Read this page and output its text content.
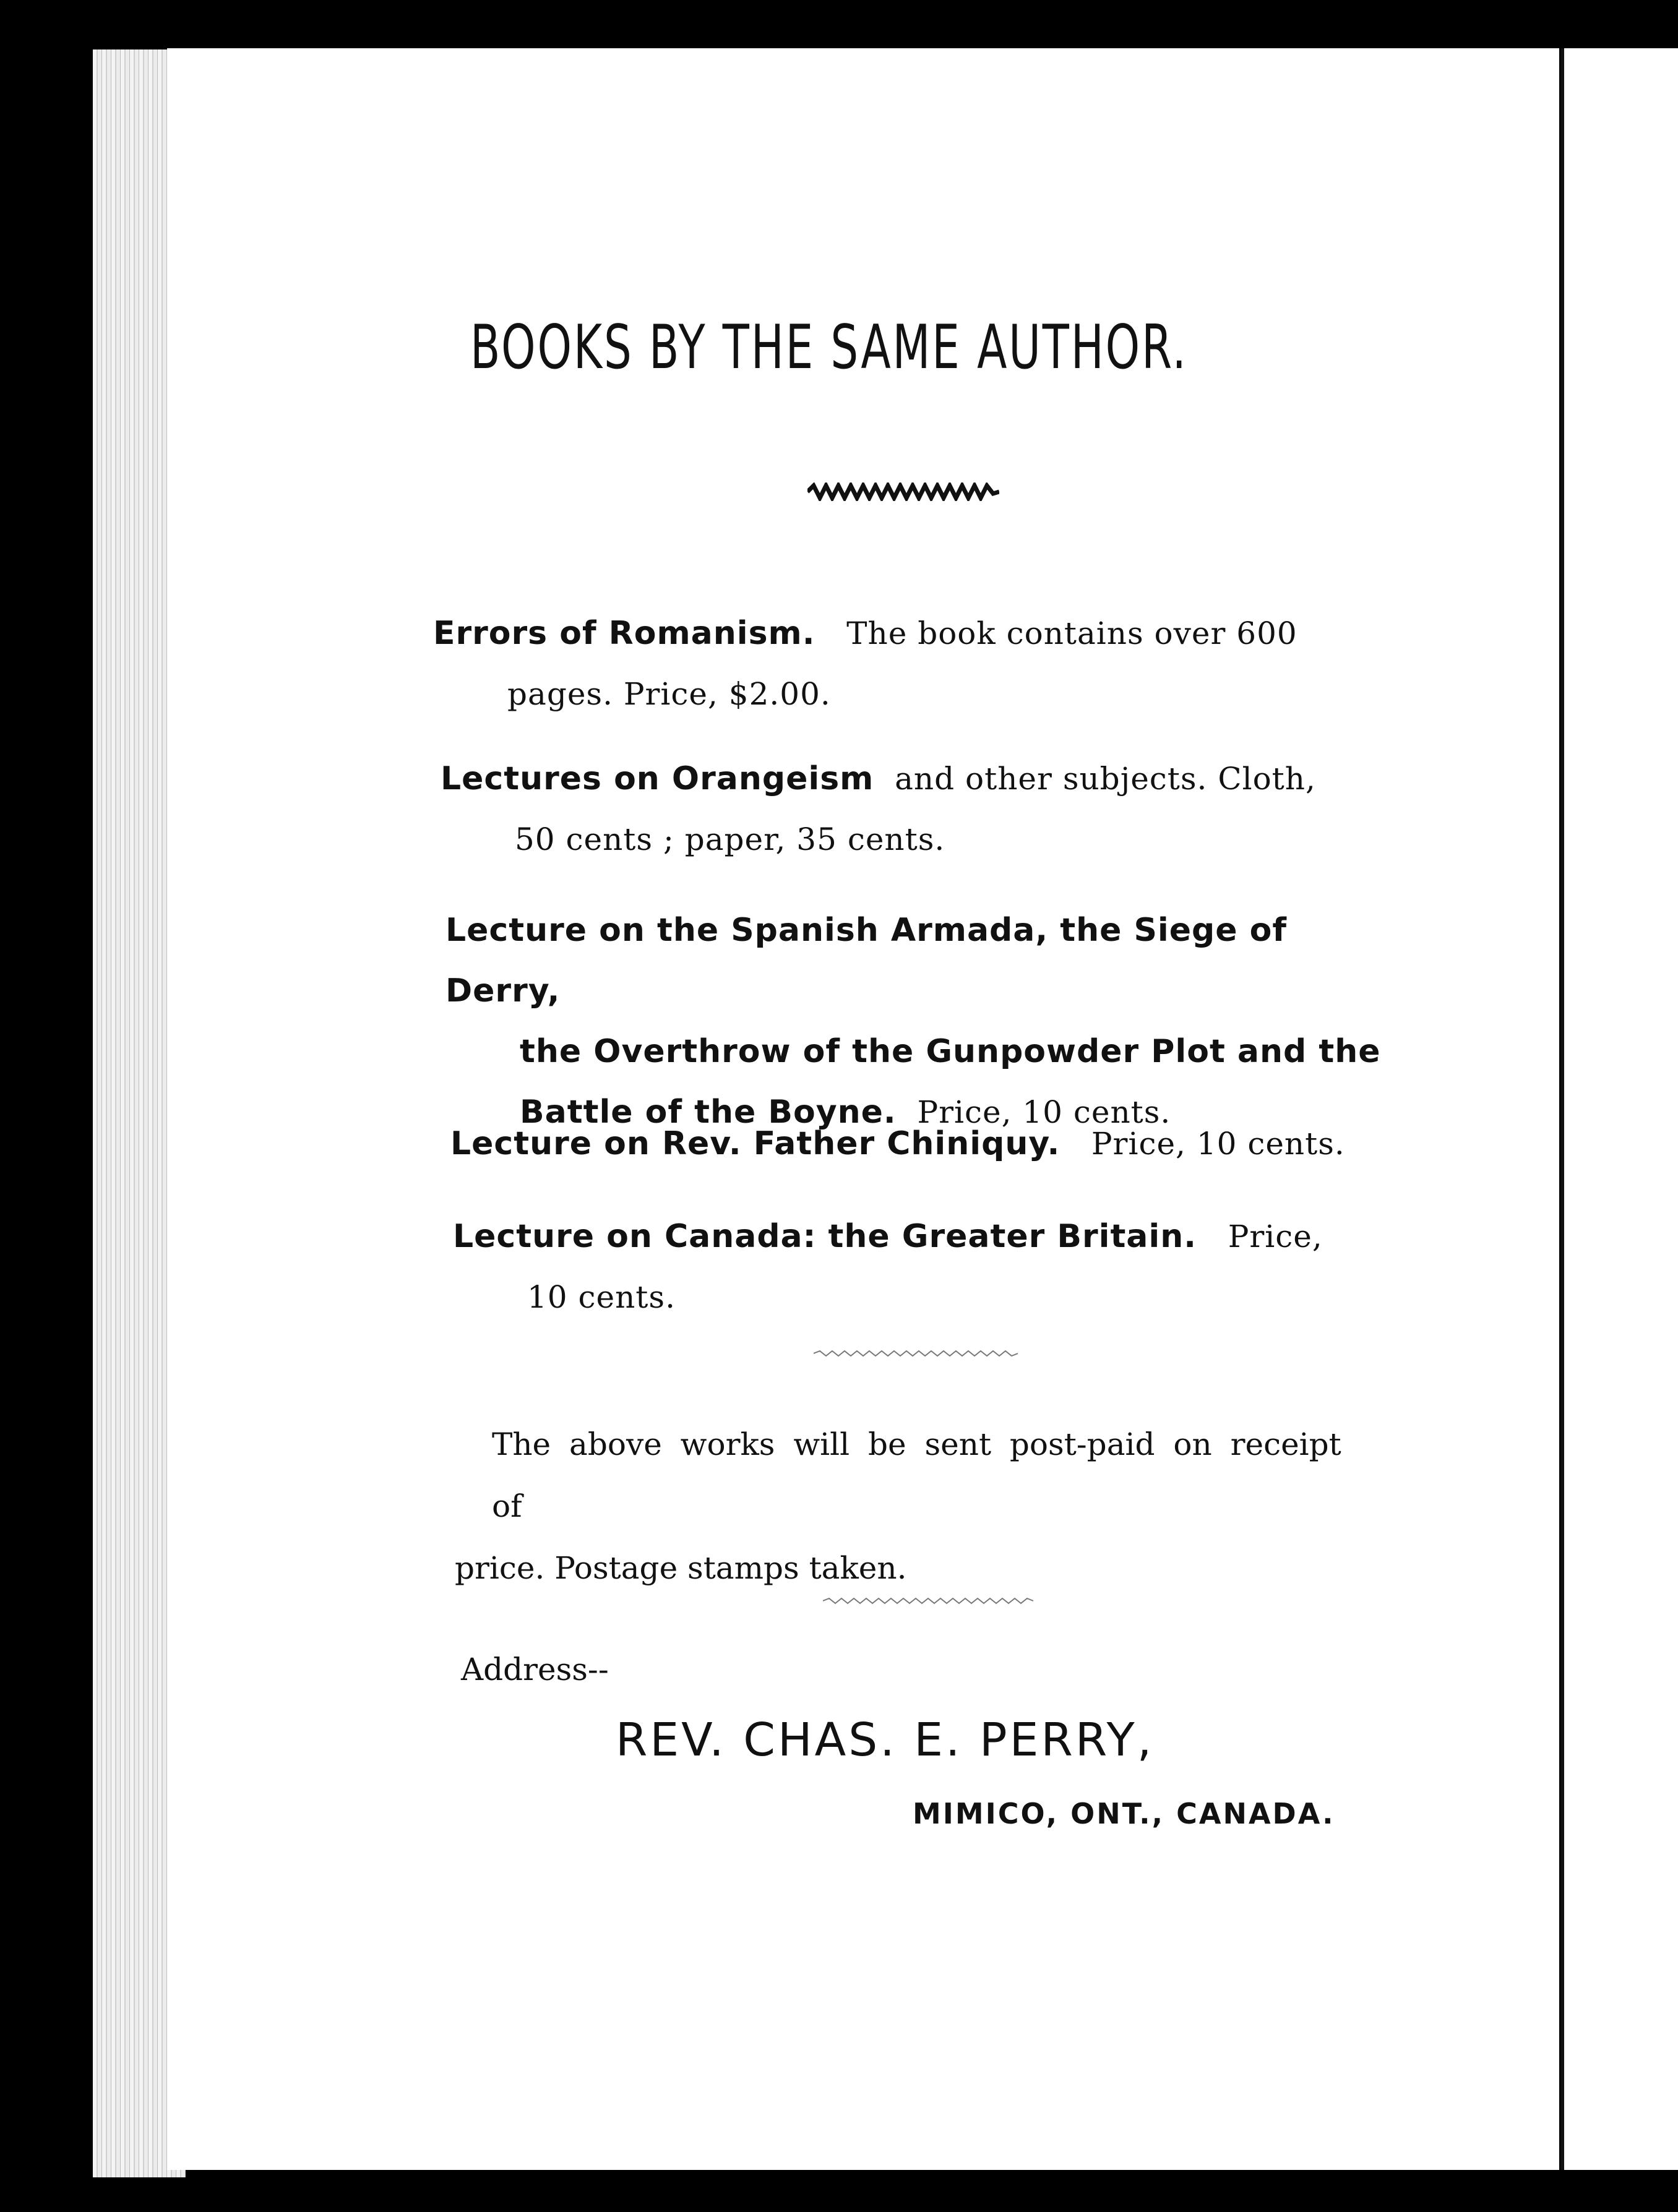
BOOKS BY THE SAME AUTHOR.
Errors of Romanism. The book contains over 600
pages. Price, $2.00.
Lectures on Orangeism and other subjects. Cloth,
50 cents ; paper, 35 cents.
Lecture on the Spanish Armada, the Siege of Derry,
the Overthrow of the Gunpowder Plot and the
Battle of the Boyne. Price, 10 cents.
Lecture on Rev. Father Chiniquy. Price, 10 cents.
Lecture on Canada: the Greater Britain. Price,
10 cents.
The above works will be sent post-paid on receipt of
price. Postage stamps taken.
Address--
REV. CHAS. E. PERRY,
MIMICO, ONT., CANADA.
